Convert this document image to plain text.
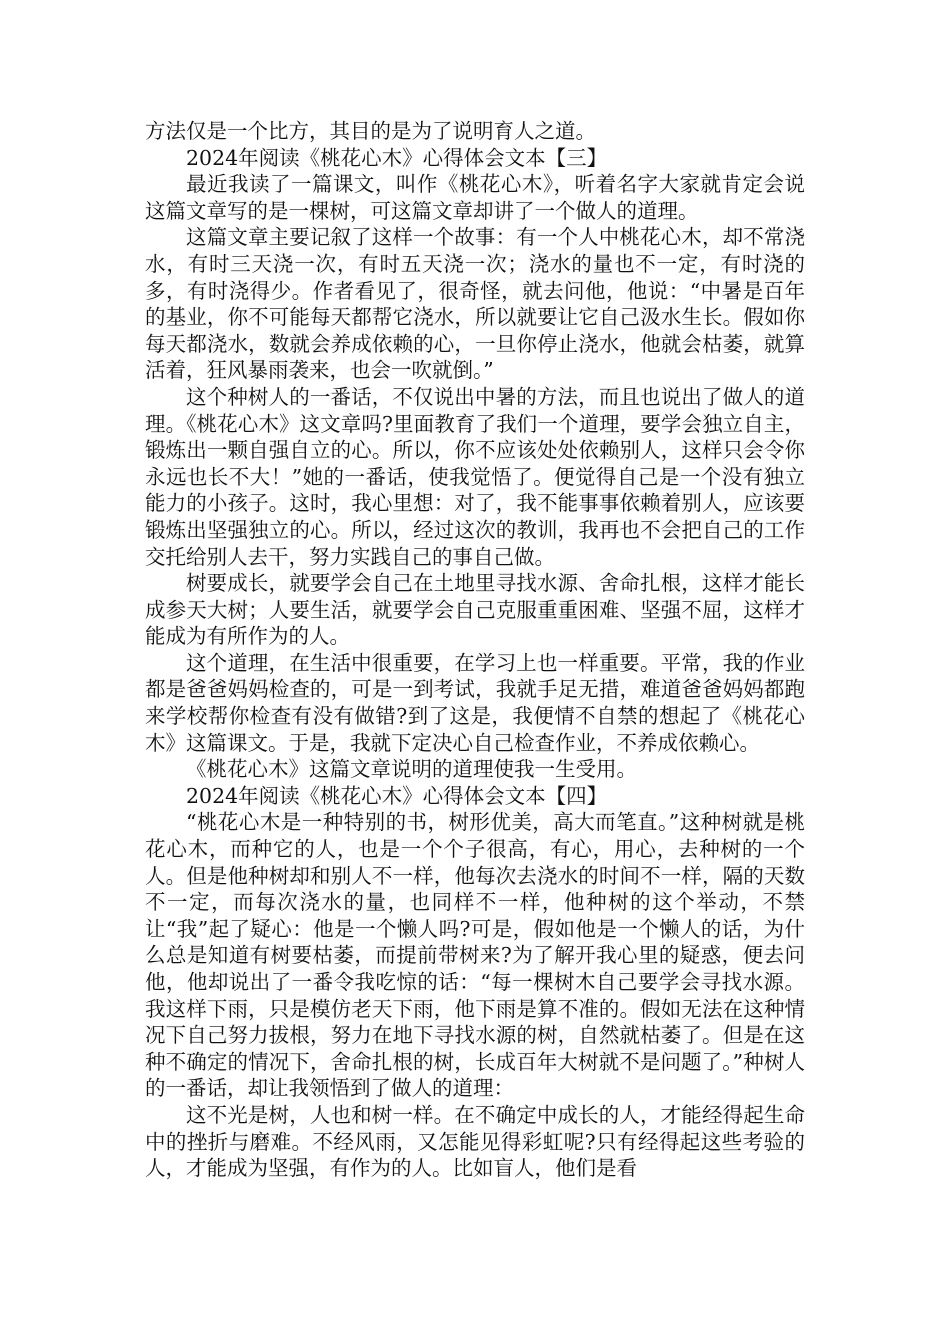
方法仅是一个比方，其目的是为了说明育人之道。

2024年阅读《桃花心木》心得体会文本【三】

最近我读了一篇课文，叫作《桃花心木》，听着名字大家就肯定会说这篇文章写的是一棵树，可这篇文章却讲了一个做人的道理。

这篇文章主要记叙了这样一个故事：有一个人中桃花心木，却不常浇水，有时三天浇一次，有时五天浇一次；浇水的量也不一定，有时浇的多，有时浇得少。作者看见了，很奇怪，就去问他，他说：“中暑是百年的基业，你不可能每天都帮它浇水，所以就要让它自己汲水生长。假如你每天都浇水，数就会养成依赖的心，一旦你停止浇水，他就会枯萎，就算活着，狂风暴雨袭来，也会一吹就倒。”

这个种树人的一番话，不仅说出中暑的方法，而且也说出了做人的道理。《桃花心木》这文章吗?里面教育了我们一个道理，要学会独立自主，锻炼出一颗自强自立的心。所以，你不应该处处依赖别人，这样只会令你永远也长不大！”她的一番话，使我觉悟了。便觉得自己是一个没有独立能力的小孩子。这时，我心里想：对了，我不能事事依赖着别人，应该要锻炼出坚强独立的心。所以，经过这次的教训，我再也不会把自己的工作交托给别人去干，努力实践自己的事自己做。

树要成长，就要学会自己在土地里寻找水源、舍命扎根，这样才能长成参天大树；人要生活，就要学会自己克服重重困难、坚强不屈，这样才能成为有所作为的人。

这个道理，在生活中很重要，在学习上也一样重要。平常，我的作业都是爸爸妈妈检查的，可是一到考试，我就手足无措，难道爸爸妈妈都跑来学校帮你检查有没有做错?到了这是，我便情不自禁的想起了《桃花心木》这篇课文。于是，我就下定决心自己检查作业，不养成依赖心。

《桃花心木》这篇文章说明的道理使我一生受用。

2024年阅读《桃花心木》心得体会文本【四】

“桃花心木是一种特别的书，树形优美，高大而笔直。”这种树就是桃花心木，而种它的人，也是一个个子很高，有心，用心，去种树的一个人。但是他种树却和别人不一样，他每次去浇水的时间不一样，隔的天数不一定，而每次浇水的量，也同样不一样，他种树的这个举动，不禁让“我”起了疑心：他是一个懒人吗?可是，假如他是一个懒人的话，为什么总是知道有树要枯萎，而提前带树来?为了解开我心里的疑惑，便去问他，他却说出了一番令我吃惊的话：“每一棵树木自己要学会寻找水源。我这样下雨，只是模仿老天下雨，他下雨是算不准的。假如无法在这种情况下自己努力拔根，努力在地下寻找水源的树，自然就枯萎了。但是在这种不确定的情况下，舍命扎根的树，长成百年大树就不是问题了。”种树人的一番话，却让我领悟到了做人的道理：

这不光是树，人也和树一样。在不确定中成长的人，才能经得起生命中的挫折与磨难。不经风雨，又怎能见得彩虹呢?只有经得起这些考验的人，才能成为坚强，有作为的人。比如盲人，他们是看
